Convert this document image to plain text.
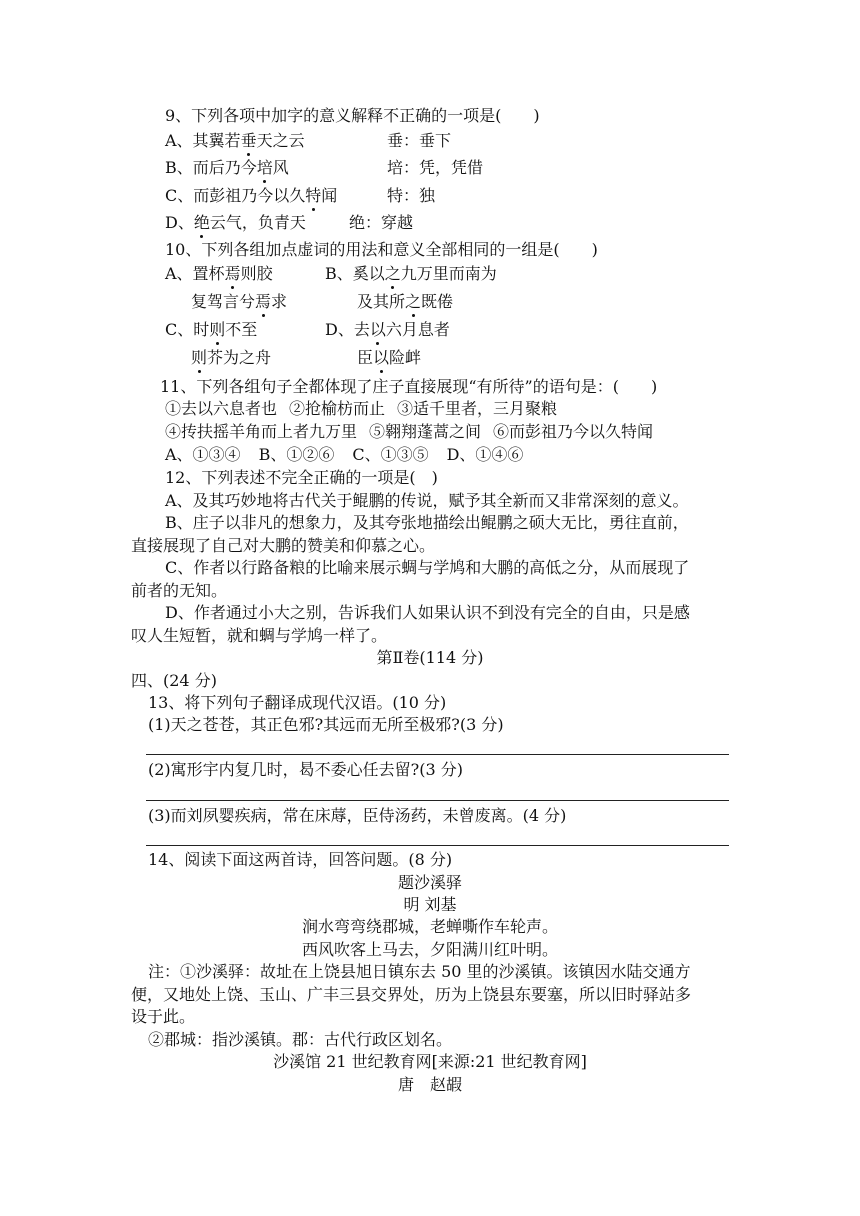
9、下列各项中加字的意义解释不正确的一项是(　　)
A、其翼若垂天之云	垂：垂下
B、而后乃今培风	培：凭，凭借
C、而彭祖乃今以久特闻	特：独
D、绝云气，负青天	绝：穿越
10、下列各组加点虚词的用法和意义全部相同的一组是(　　)
A、置杯焉则胶	B、奚以之九万里而南为
复驾言兮焉求	及其所之既倦
C、时则不至	D、去以六月息者
则芥为之舟	臣以险衅
11、下列各组句子全都体现了庄子直接展现“有所待”的语句是：(　　)
①去以六息者也 ②抢榆枋而止 ③适千里者，三月聚粮
④抟扶摇羊角而上者九万里 ⑤翱翔蓬蒿之间 ⑥而彭祖乃今以久特闻
A、①③④ B、①②⑥ C、①③⑤ D、①④⑥
12、下列表述不完全正确的一项是(　)
A、及其巧妙地将古代关于鲲鹏的传说，赋予其全新而又非常深刻的意义。
B、庄子以非凡的想象力，及其夸张地描绘出鲲鹏之硕大无比，勇往直前，
直接展现了自己对大鹏的赞美和仰慕之心。
C、作者以行路备粮的比喻来展示蜩与学鸠和大鹏的高低之分，从而展现了
前者的无知。
D、作者通过小大之别，告诉我们人如果认识不到没有完全的自由，只是感
叹人生短暂，就和蜩与学鸠一样了。
第Ⅱ卷(114 分)
四、(24 分)
13、将下列句子翻译成现代汉语。(10 分)
(1)天之苍苍，其正色邪?其远而无所至极邪?(3 分)
(2)寓形宇内复几时，曷不委心任去留?(3 分)
(3)而刘夙婴疾病，常在床蓐，臣侍汤药，未曾废离。(4 分)
14、阅读下面这两首诗，回答问题。(8 分)
题沙溪驿
明 刘基
涧水弯弯绕郡城，老蝉嘶作车轮声。
西风吹客上马去，夕阳满川红叶明。
注：①沙溪驿：故址在上饶县旭日镇东去 50 里的沙溪镇。该镇因水陆交通方
便，又地处上饶、玉山、广丰三县交界处，历为上饶县东要塞，所以旧时驿站多
设于此。
②郡城：指沙溪镇。郡：古代行政区划名。
沙溪馆 21 世纪教育网[来源:21 世纪教育网]
唐　赵嘏
